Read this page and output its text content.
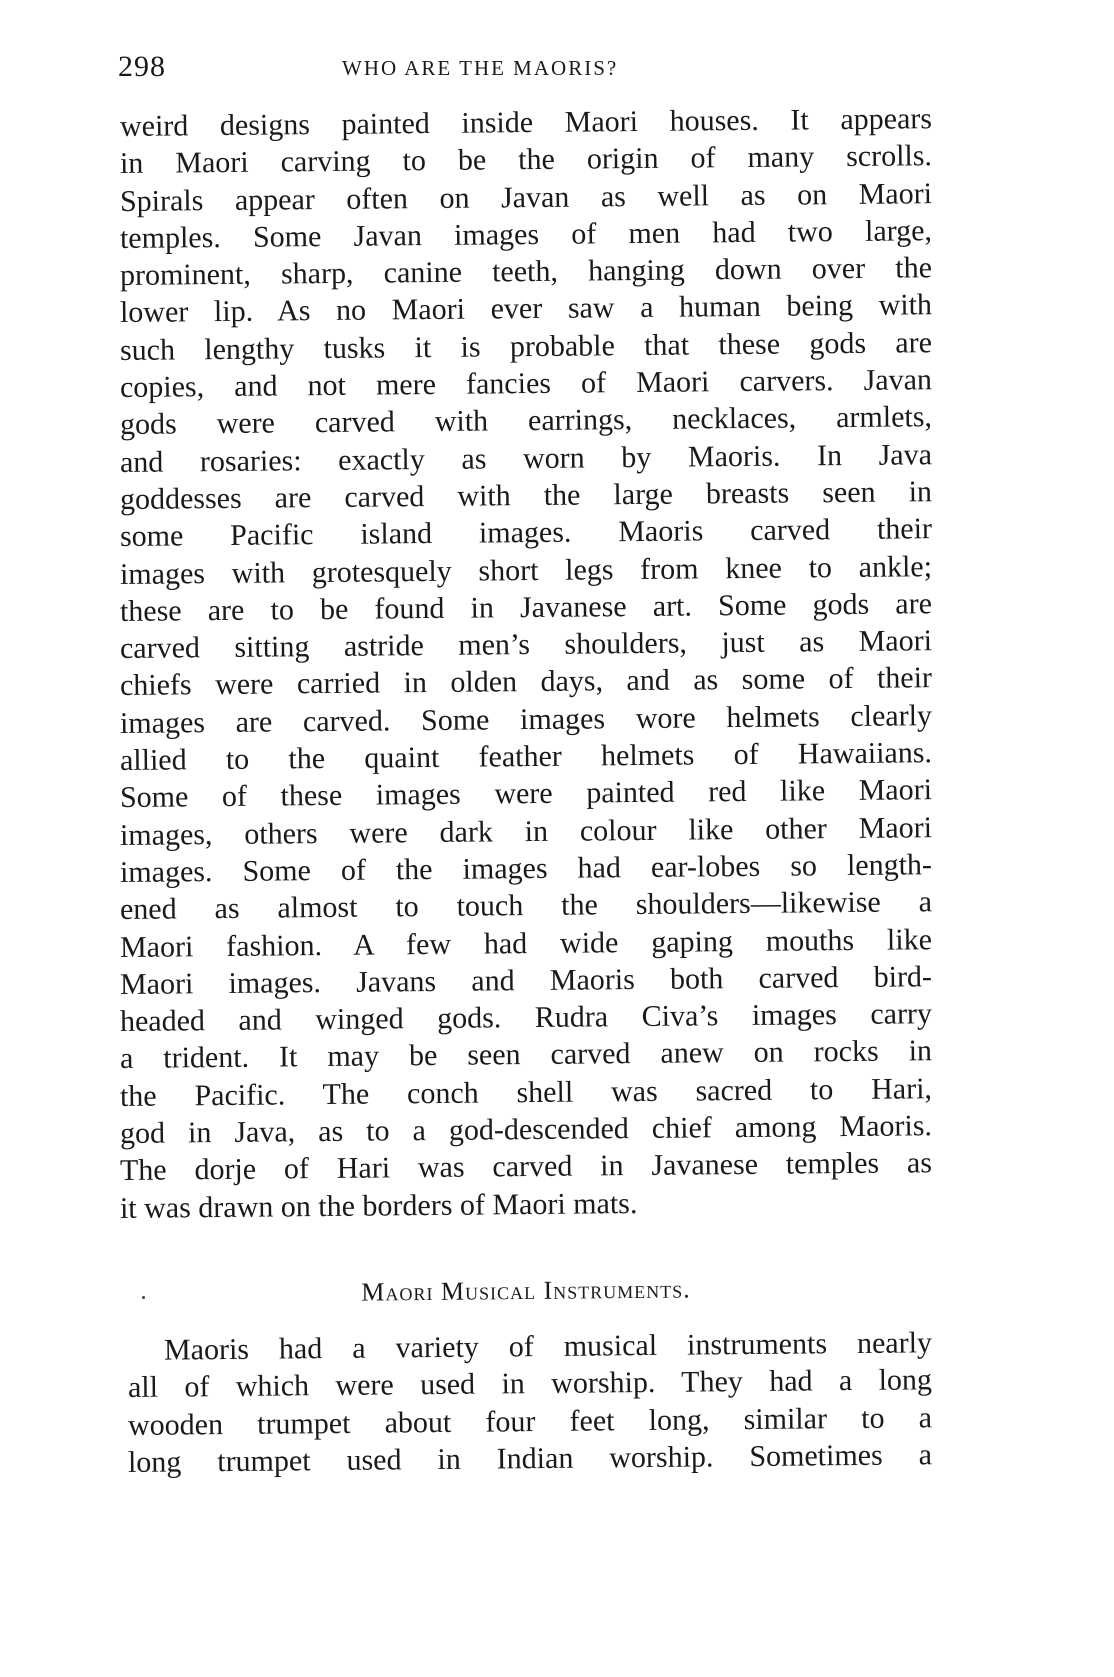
298	WHO ARE THE MAORIS?
weird designs painted inside Maori houses. It appears
in Maori carving to be the origin of many scrolls.
Spirals appear often on Javan as well as on Maori
temples. Some Javan images of men had two large,
prominent, sharp, canine teeth, hanging down over the
lower lip. As no Maori ever saw a human being with
such lengthy tusks it is probable that these gods are
copies, and not mere fancies of Maori carvers. Javan
gods were carved with earrings, necklaces, armlets,
and rosaries: exactly as worn by Maoris. In Java
goddesses are carved with the large breasts seen in
some Pacific island images. Maoris carved their
images with grotesquely short legs from knee to ankle;
these are to be found in Javanese art. Some gods are
carved sitting astride men’s shoulders, just as Maori
chiefs were carried in olden days, and as some of their
images are carved. Some images wore helmets clearly
allied to the quaint feather helmets of Hawaiians.
Some of these images were painted red like Maori
images, others were dark in colour like other Maori
images. Some of the images had ear-lobes so length-
ened as almost to touch the shoulders—likewise a
Maori fashion. A few had wide gaping mouths like
Maori images. Javans and Maoris both carved bird-
headed and winged gods. Rudra Civa’s images carry
a trident. It may be seen carved anew on rocks in
the Pacific. The conch shell was sacred to Hari,
god in Java, as to a god-descended chief among Maoris.
The dorje of Hari was carved in Javanese temples as
it was drawn on the borders of Maori mats.
Maori Musical Instruments.
Maoris had a variety of musical instruments nearly
all of which were used in worship. They had a long
wooden trumpet about four feet long, similar to a
long trumpet used in Indian worship. Sometimes a
